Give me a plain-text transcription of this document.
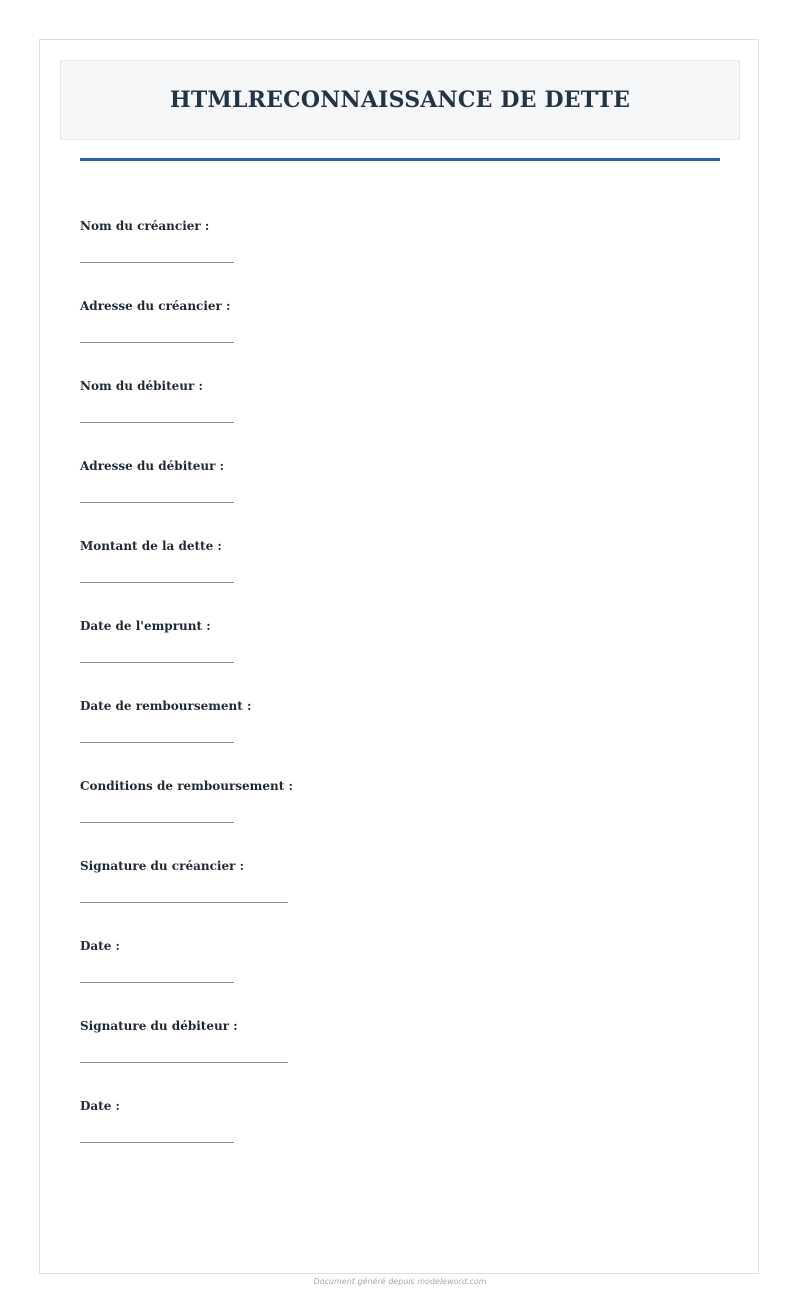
HTMLRECONNAISSANCE DE DETTE
Nom du créancier :
Adresse du créancier :
Nom du débiteur :
Adresse du débiteur :
Montant de la dette :
Date de l'emprunt :
Date de remboursement :
Conditions de remboursement :
Signature du créancier :
Date :
Signature du débiteur :
Date :
Document généré depuis modeleword.com
